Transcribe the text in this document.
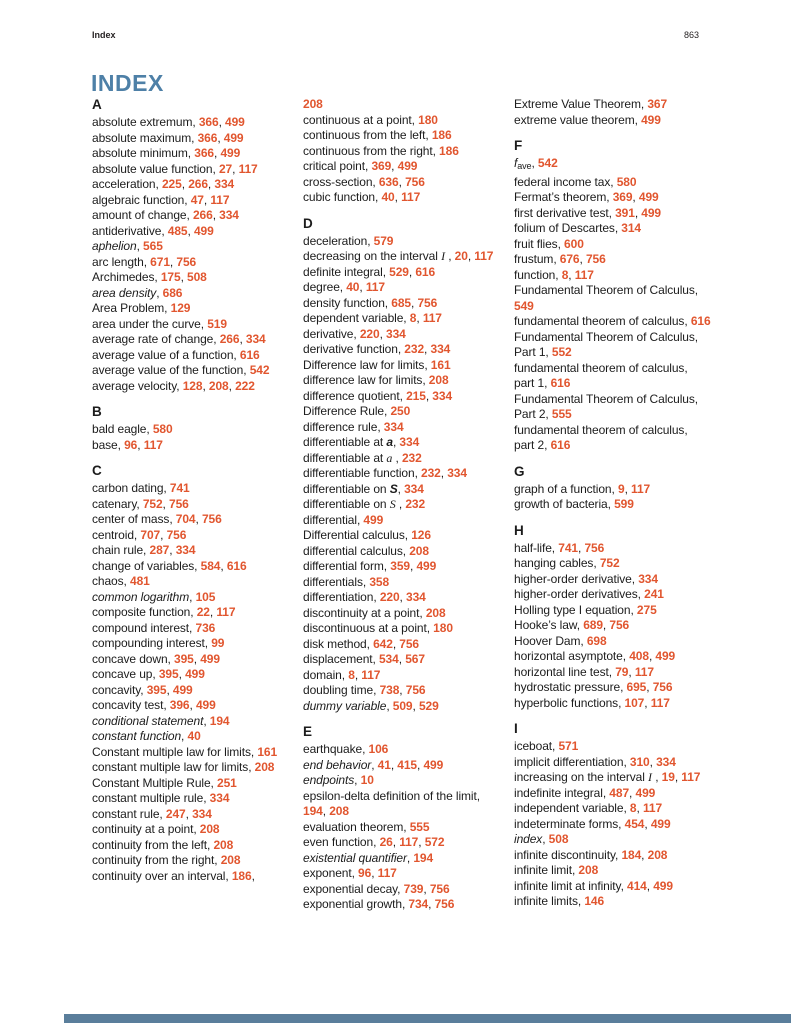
Index	863
INDEX
A
absolute extremum, 366, 499
absolute maximum, 366, 499
absolute minimum, 366, 499
absolute value function, 27, 117
acceleration, 225, 266, 334
algebraic function, 47, 117
amount of change, 266, 334
antiderivative, 485, 499
aphelion, 565
arc length, 671, 756
Archimedes, 175, 508
area density, 686
Area Problem, 129
area under the curve, 519
average rate of change, 266, 334
average value of a function, 616
average value of the function, 542
average velocity, 128, 208, 222
B
bald eagle, 580
base, 96, 117
C
carbon dating, 741
catenary, 752, 756
center of mass, 704, 756
centroid, 707, 756
chain rule, 287, 334
change of variables, 584, 616
chaos, 481
common logarithm, 105
composite function, 22, 117
compound interest, 736
compounding interest, 99
concave down, 395, 499
concave up, 395, 499
concavity, 395, 499
concavity test, 396, 499
conditional statement, 194
constant function, 40
Constant multiple law for limits, 161
constant multiple law for limits, 208
Constant Multiple Rule, 251
constant multiple rule, 334
constant rule, 247, 334
continuity at a point, 208
continuity from the left, 208
continuity from the right, 208
continuity over an interval, 186,
208
continuous at a point, 180
continuous from the left, 186
continuous from the right, 186
critical point, 369, 499
cross-section, 636, 756
cubic function, 40, 117
D
deceleration, 579
decreasing on the interval I , 20, 117
definite integral, 529, 616
degree, 40, 117
density function, 685, 756
dependent variable, 8, 117
derivative, 220, 334
derivative function, 232, 334
Difference law for limits, 161
difference law for limits, 208
difference quotient, 215, 334
Difference Rule, 250
difference rule, 334
differentiable at a, 334
differentiable at a , 232
differentiable function, 232, 334
differentiable on S, 334
differentiable on S , 232
differential, 499
Differential calculus, 126
differential calculus, 208
differential form, 359, 499
differentials, 358
differentiation, 220, 334
discontinuity at a point, 208
discontinuous at a point, 180
disk method, 642, 756
displacement, 534, 567
domain, 8, 117
doubling time, 738, 756
dummy variable, 509, 529
E
earthquake, 106
end behavior, 41, 415, 499
endpoints, 10
epsilon-delta definition of the limit, 194, 208
evaluation theorem, 555
even function, 26, 117, 572
existential quantifier, 194
exponent, 96, 117
exponential decay, 739, 756
exponential growth, 734, 756
Extreme Value Theorem, 367
extreme value theorem, 499
F
fave, 542
federal income tax, 580
Fermat’s theorem, 369, 499
first derivative test, 391, 499
folium of Descartes, 314
fruit flies, 600
frustum, 676, 756
function, 8, 117
Fundamental Theorem of Calculus, 549
fundamental theorem of calculus, 616
Fundamental Theorem of Calculus, Part 1, 552
fundamental theorem of calculus, part 1, 616
Fundamental Theorem of Calculus, Part 2, 555
fundamental theorem of calculus, part 2, 616
G
graph of a function, 9, 117
growth of bacteria, 599
H
half-life, 741, 756
hanging cables, 752
higher-order derivative, 334
higher-order derivatives, 241
Holling type I equation, 275
Hooke’s law, 689, 756
Hoover Dam, 698
horizontal asymptote, 408, 499
horizontal line test, 79, 117
hydrostatic pressure, 695, 756
hyperbolic functions, 107, 117
I
iceboat, 571
implicit differentiation, 310, 334
increasing on the interval I , 19, 117
indefinite integral, 487, 499
independent variable, 8, 117
indeterminate forms, 454, 499
index, 508
infinite discontinuity, 184, 208
infinite limit, 208
infinite limit at infinity, 414, 499
infinite limits, 146
